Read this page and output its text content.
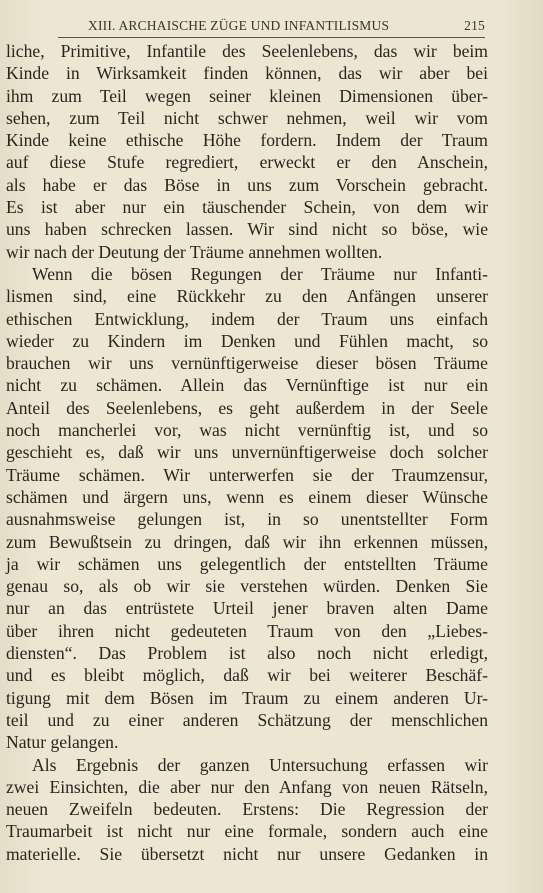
XIII. ARCHAISCHE ZÜGE UND INFANTILISMUS	215
liche, Primitive, Infantile des Seelenlebens, das wir beim
Kinde in Wirksamkeit finden können, das wir aber bei
ihm zum Teil wegen seiner kleinen Dimensionen über-
sehen, zum Teil nicht schwer nehmen, weil wir vom
Kinde keine ethische Höhe fordern. Indem der Traum
auf diese Stufe regrediert, erweckt er den Anschein,
als habe er das Böse in uns zum Vorschein gebracht.
Es ist aber nur ein täuschender Schein, von dem wir
uns haben schrecken lassen. Wir sind nicht so böse, wie
wir nach der Deutung der Träume annehmen wollten.
Wenn die bösen Regungen der Träume nur Infanti-
lismen sind, eine Rückkehr zu den Anfängen unserer
ethischen Entwicklung, indem der Traum uns einfach
wieder zu Kindern im Denken und Fühlen macht, so
brauchen wir uns vernünftigerweise dieser bösen Träume
nicht zu schämen. Allein das Vernünftige ist nur ein
Anteil des Seelenlebens, es geht außerdem in der Seele
noch mancherlei vor, was nicht vernünftig ist, und so
geschieht es, daß wir uns unvernünftigerweise doch solcher
Träume schämen. Wir unterwerfen sie der Traumzensur,
schämen und ärgern uns, wenn es einem dieser Wünsche
ausnahmsweise gelungen ist, in so unentstellter Form
zum Bewußtsein zu dringen, daß wir ihn erkennen müssen,
ja wir schämen uns gelegentlich der entstellten Träume
genau so, als ob wir sie verstehen würden. Denken Sie
nur an das entrüstete Urteil jener braven alten Dame
über ihren nicht gedeuteten Traum von den „Liebes-
diensten“. Das Problem ist also noch nicht erledigt,
und es bleibt möglich, daß wir bei weiterer Beschäf-
tigung mit dem Bösen im Traum zu einem anderen Ur-
teil und zu einer anderen Schätzung der menschlichen
Natur gelangen.
Als Ergebnis der ganzen Untersuchung erfassen wir
zwei Einsichten, die aber nur den Anfang von neuen Rätseln,
neuen Zweifeln bedeuten. Erstens: Die Regression der
Traumarbeit ist nicht nur eine formale, sondern auch eine
materielle. Sie übersetzt nicht nur unsere Gedanken in
